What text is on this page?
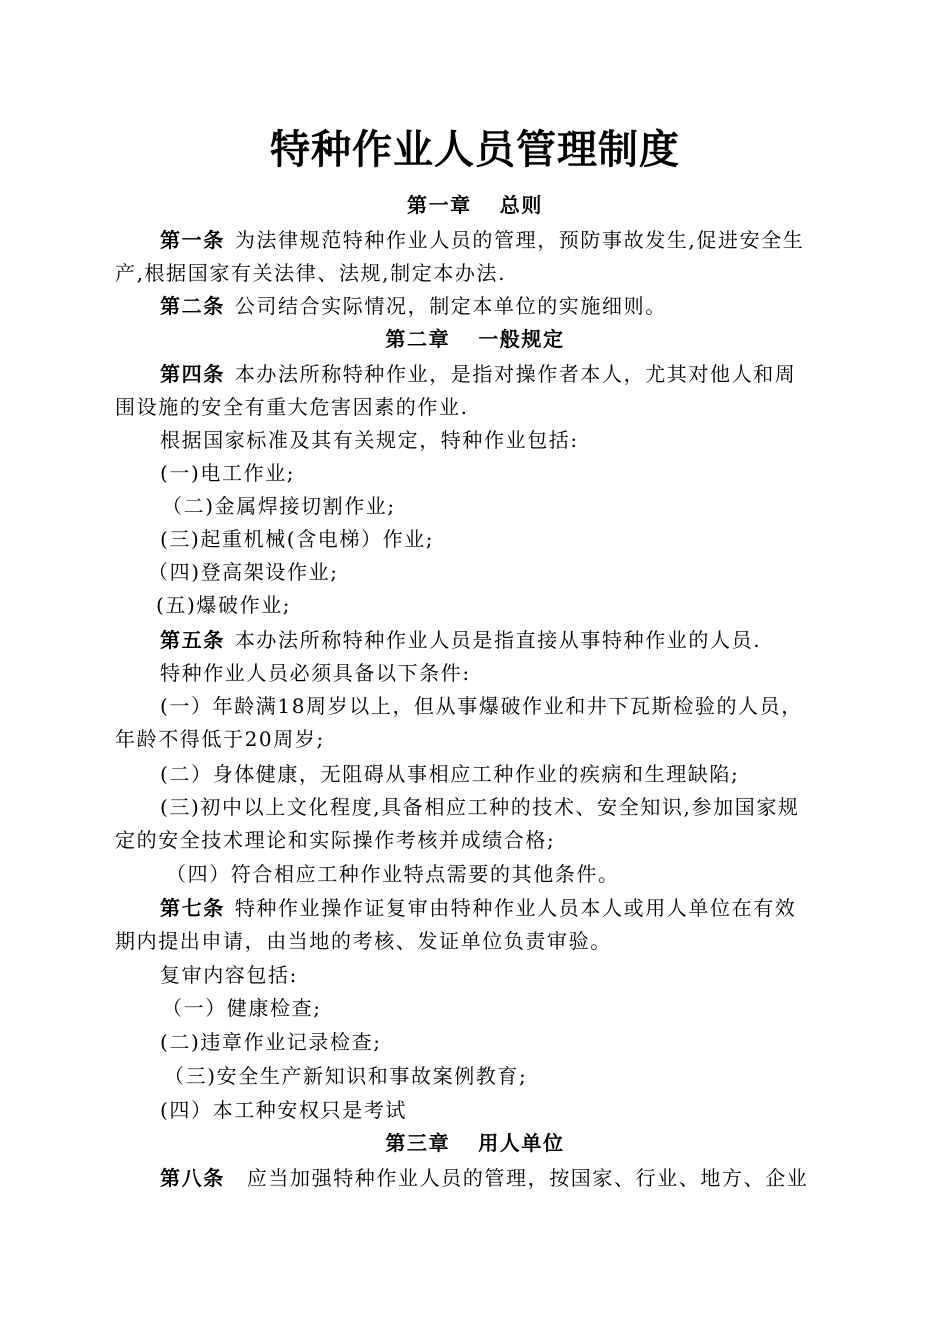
特种作业人员管理制度
第一章 总则
第一条 为法律规范特种作业人员的管理，预防事故发生,促进安全生
产,根据国家有关法律、法规,制定本办法.
第二条 公司结合实际情况，制定本单位的实施细则。
第二章 一般规定
第四条 本办法所称特种作业，是指对操作者本人，尤其对他人和周
围设施的安全有重大危害因素的作业.
根据国家标准及其有关规定，特种作业包括:
(一)电工作业;
（二)金属焊接切割作业;
(三)起重机械(含电梯）作业;
（四)登高架设作业;
(五)爆破作业;
第五条 本办法所称特种作业人员是指直接从事特种作业的人员.
特种作业人员必须具备以下条件:
(一）年龄满18周岁以上，但从事爆破作业和井下瓦斯检验的人员，
年龄不得低于20周岁;
(二）身体健康，无阻碍从事相应工种作业的疾病和生理缺陷;
(三)初中以上文化程度,具备相应工种的技术、安全知识,参加国家规
定的安全技术理论和实际操作考核并成绩合格;
（四）符合相应工种作业特点需要的其他条件。
第七条 特种作业操作证复审由特种作业人员本人或用人单位在有效
期内提出申请，由当地的考核、发证单位负责审验。
复审内容包括:
（一）健康检查;
(二)违章作业记录检查;
（三)安全生产新知识和事故案例教育;
(四）本工种安权只是考试
第三章 用人单位
第八条 应当加强特种作业人员的管理，按国家、行业、地方、企业
